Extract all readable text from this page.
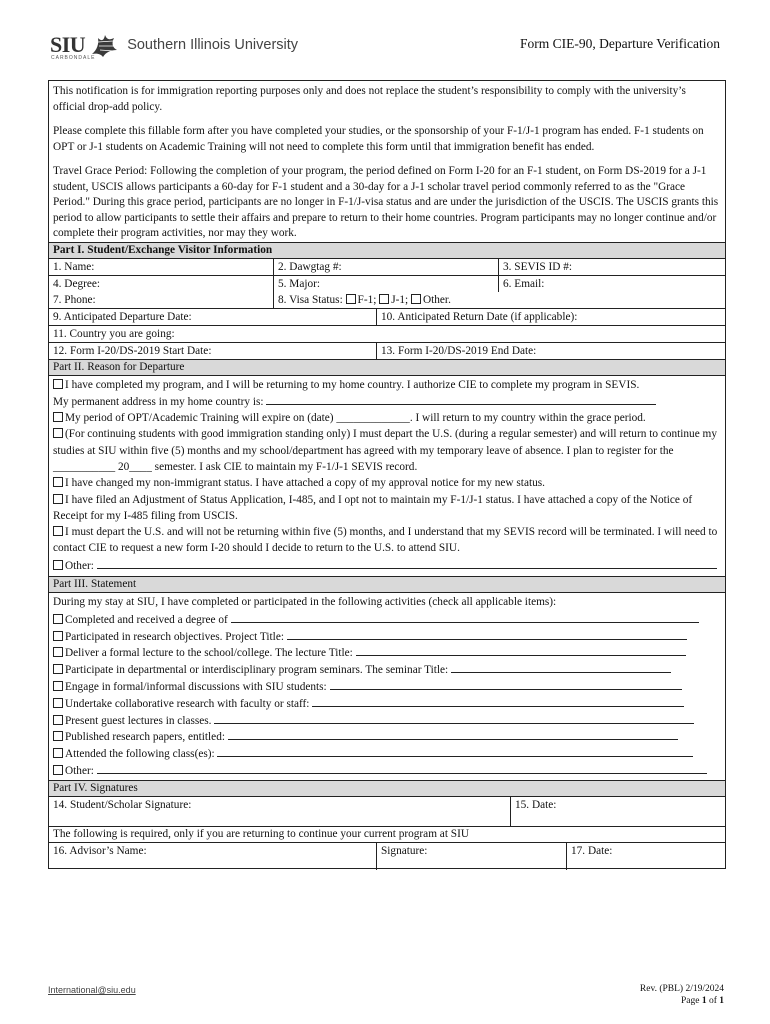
SIU
CARBONDALE
Southern Illinois University	Form CIE-90, Departure Verification

This notification is for immigration reporting purposes only and does not replace the student’s responsibility to comply with the university’s official drop-add policy.

Please complete this fillable form after you have completed your studies, or the sponsorship of your F-1/J-1 program has ended. F-1 students on OPT or J-1 students on Academic Training will not need to complete this form until that immigration benefit has ended.

Travel Grace Period: Following the completion of your program, the period defined on Form I-20 for an F-1 student, on Form DS-2019 for a J-1 student, USCIS allows participants a 60-day for F-1 student and a 30-day for a J-1 scholar travel period commonly referred to as the "Grace Period." During this grace period, participants are no longer in F-1/J-visa status and are under the jurisdiction of the USCIS. The USCIS grants this period to allow participants to settle their affairs and prepare to return to their home countries. Program participants may no longer continue and/or complete their program activities, nor may they work.

Part I. Student/Exchange Visitor Information
1. Name:	2. Dawgtag #:	3. SEVIS ID #:
4. Degree:	5. Major:	6. Email:
7. Phone:	8. Visa Status: F-1; J-1; Other.
9. Anticipated Departure Date:	10. Anticipated Return Date (if applicable):
11. Country you are going:
12. Form I-20/DS-2019 Start Date:	13. Form I-20/DS-2019 End Date:
Part II. Reason for Departure
I have completed my program, and I will be returning to my home country. I authorize CIE to complete my program in SEVIS.
My permanent address in my home country is:
My period of OPT/Academic Training will expire on (date) _____________. I will return to my country within the grace period.
(For continuing students with good immigration standing only) I must depart the U.S. (during a regular semester) and will return to continue my studies at SIU within five (5) months and my school/department has agreed with my temporary leave of absence. I plan to register for the ___________ 20____ semester. I ask CIE to maintain my F-1/J-1 SEVIS record.
I have changed my non-immigrant status. I have attached a copy of my approval notice for my new status.
I have filed an Adjustment of Status Application, I-485, and I opt not to maintain my F-1/J-1 status. I have attached a copy of the Notice of Receipt for my I-485 filing from USCIS.
I must depart the U.S. and will not be returning within five (5) months, and I understand that my SEVIS record will be terminated. I will need to contact CIE to request a new form I-20 should I decide to return to the U.S. to attend SIU.
Other:
Part III. Statement
During my stay at SIU, I have completed or participated in the following activities (check all applicable items):
Completed and received a degree of
Participated in research objectives. Project Title:
Deliver a formal lecture to the school/college. The lecture Title:
Participate in departmental or interdisciplinary program seminars. The seminar Title:
Engage in formal/informal discussions with SIU students:
Undertake collaborative research with faculty or staff:
Present guest lectures in classes.
Published research papers, entitled:
Attended the following class(es):
Other:
Part IV. Signatures
14. Student/Scholar Signature:	15. Date:
The following is required, only if you are returning to continue your current program at SIU
16. Advisor’s Name:	Signature:	17. Date:
International@siu.edu	Rev. (PBL) 2/19/2024
Page 1 of 1
